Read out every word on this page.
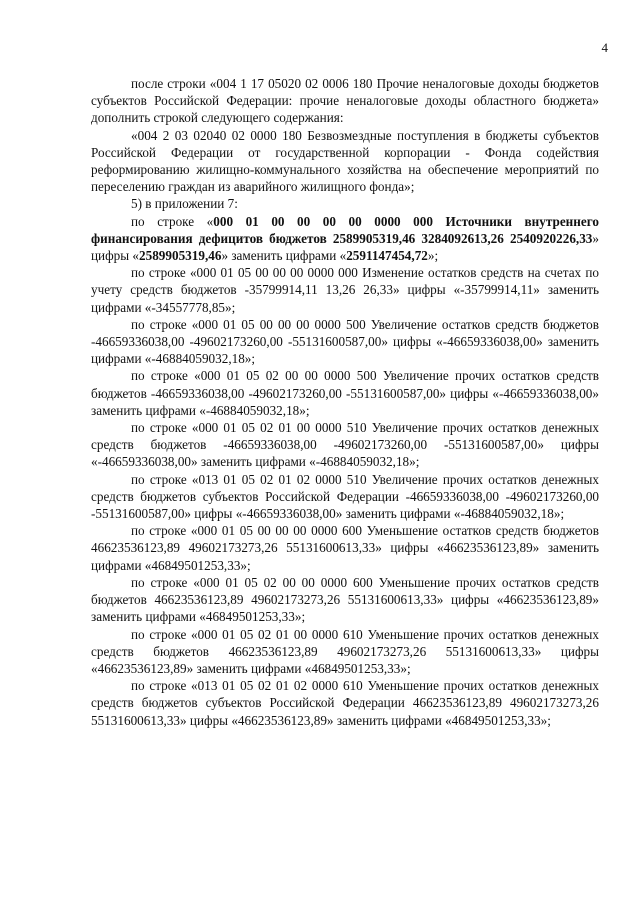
4

после строки «004 1 17 05020 02 0006 180 Прочие неналоговые доходы бюджетов субъектов Российской Федерации: прочие неналоговые доходы областного бюджета» дополнить строкой следующего содержания:

«004 2 03 02040 02 0000 180 Безвозмездные поступления в бюджеты субъектов Российской Федерации от государственной корпорации - Фонда содействия реформированию жилищно-коммунального хозяйства на обеспечение мероприятий по переселению граждан из аварийного жилищного фонда»;

5) в приложении 7:

по строке «000 01 00 00 00 00 0000 000 Источники внутреннего финансирования дефицитов бюджетов 2589905319,46 3284092613,26 2540920226,33» цифры «2589905319,46» заменить цифрами «2591147454,72»;

по строке «000 01 05 00 00 00 0000 000 Изменение остатков средств на счетах по учету средств бюджетов -35799914,11 13,26 26,33» цифры «-35799914,11» заменить цифрами «-34557778,85»;

по строке «000 01 05 00 00 00 0000 500 Увеличение остатков средств бюджетов -46659336038,00 -49602173260,00 -55131600587,00» цифры «-46659336038,00» заменить цифрами «-46884059032,18»;

по строке «000 01 05 02 00 00 0000 500 Увеличение прочих остатков средств бюджетов -46659336038,00 -49602173260,00 -55131600587,00» цифры «-46659336038,00» заменить цифрами «-46884059032,18»;

по строке «000 01 05 02 01 00 0000 510 Увеличение прочих остатков денежных средств бюджетов -46659336038,00 -49602173260,00 -55131600587,00» цифры «-46659336038,00» заменить цифрами «-46884059032,18»;

по строке «013 01 05 02 01 02 0000 510 Увеличение прочих остатков денежных средств бюджетов субъектов Российской Федерации -46659336038,00 -49602173260,00 -55131600587,00» цифры «-46659336038,00» заменить цифрами «-46884059032,18»;

по строке «000 01 05 00 00 00 0000 600 Уменьшение остатков средств бюджетов 46623536123,89 49602173273,26 55131600613,33» цифры «46623536123,89» заменить цифрами «46849501253,33»;

по строке «000 01 05 02 00 00 0000 600 Уменьшение прочих остатков средств бюджетов 46623536123,89 49602173273,26 55131600613,33» цифры «46623536123,89» заменить цифрами «46849501253,33»;

по строке «000 01 05 02 01 00 0000 610 Уменьшение прочих остатков денежных средств бюджетов 46623536123,89 49602173273,26 55131600613,33» цифры «46623536123,89» заменить цифрами «46849501253,33»;

по строке «013 01 05 02 01 02 0000 610 Уменьшение прочих остатков денежных средств бюджетов субъектов Российской Федерации 46623536123,89 49602173273,26 55131600613,33» цифры «46623536123,89» заменить цифрами «46849501253,33»;
